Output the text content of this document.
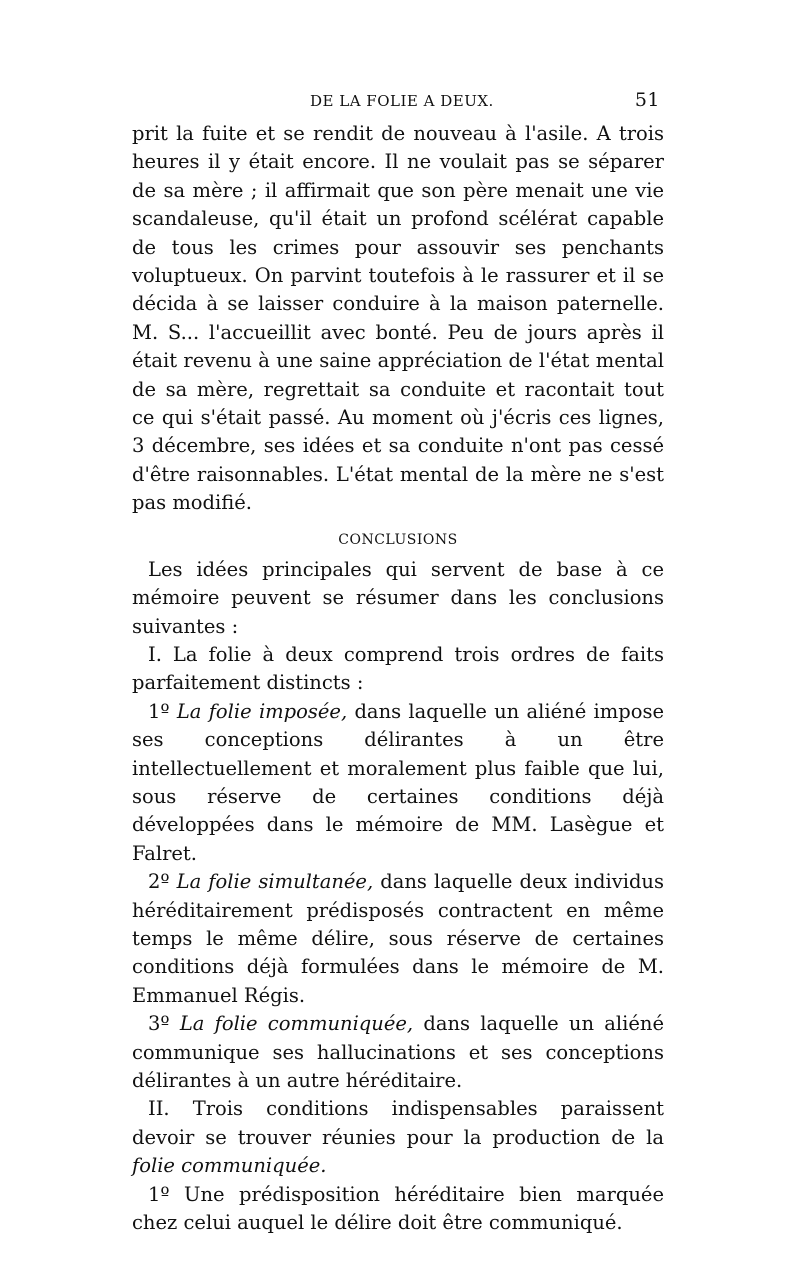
DE LA FOLIE A DEUX.	51

prit la fuite et se rendit de nouveau à l'asile. A trois heures il y était encore. Il ne voulait pas se séparer de sa mère ; il affirmait que son père menait une vie scandaleuse, qu'il était un profond scélérat capable de tous les crimes pour assouvir ses penchants voluptueux. On parvint toutefois à le rassurer et il se décida à se laisser conduire à la maison paternelle. M. S... l'accueillit avec bonté. Peu de jours après il était revenu à une saine appréciation de l'état mental de sa mère, regrettait sa conduite et racontait tout ce qui s'était passé. Au moment où j'écris ces lignes, 3 décembre, ses idées et sa conduite n'ont pas cessé d'être raisonnables. L'état mental de la mère ne s'est pas modifié.

CONCLUSIONS

Les idées principales qui servent de base à ce mémoire peuvent se résumer dans les conclusions suivantes :

I. La folie à deux comprend trois ordres de faits parfaitement distincts :

1º La folie imposée, dans laquelle un aliéné impose ses conceptions délirantes à un être intellectuellement et moralement plus faible que lui, sous réserve de certaines conditions déjà développées dans le mémoire de MM. Lasègue et Falret.

2º La folie simultanée, dans laquelle deux individus héréditairement prédisposés contractent en même temps le même délire, sous réserve de certaines conditions déjà formulées dans le mémoire de M. Emmanuel Régis.

3º La folie communiquée, dans laquelle un aliéné communique ses hallucinations et ses conceptions délirantes à un autre héréditaire.

II. Trois conditions indispensables paraissent devoir se trouver réunies pour la production de la folie communiquée.

1º Une prédisposition héréditaire bien marquée chez celui auquel le délire doit être communiqué.
